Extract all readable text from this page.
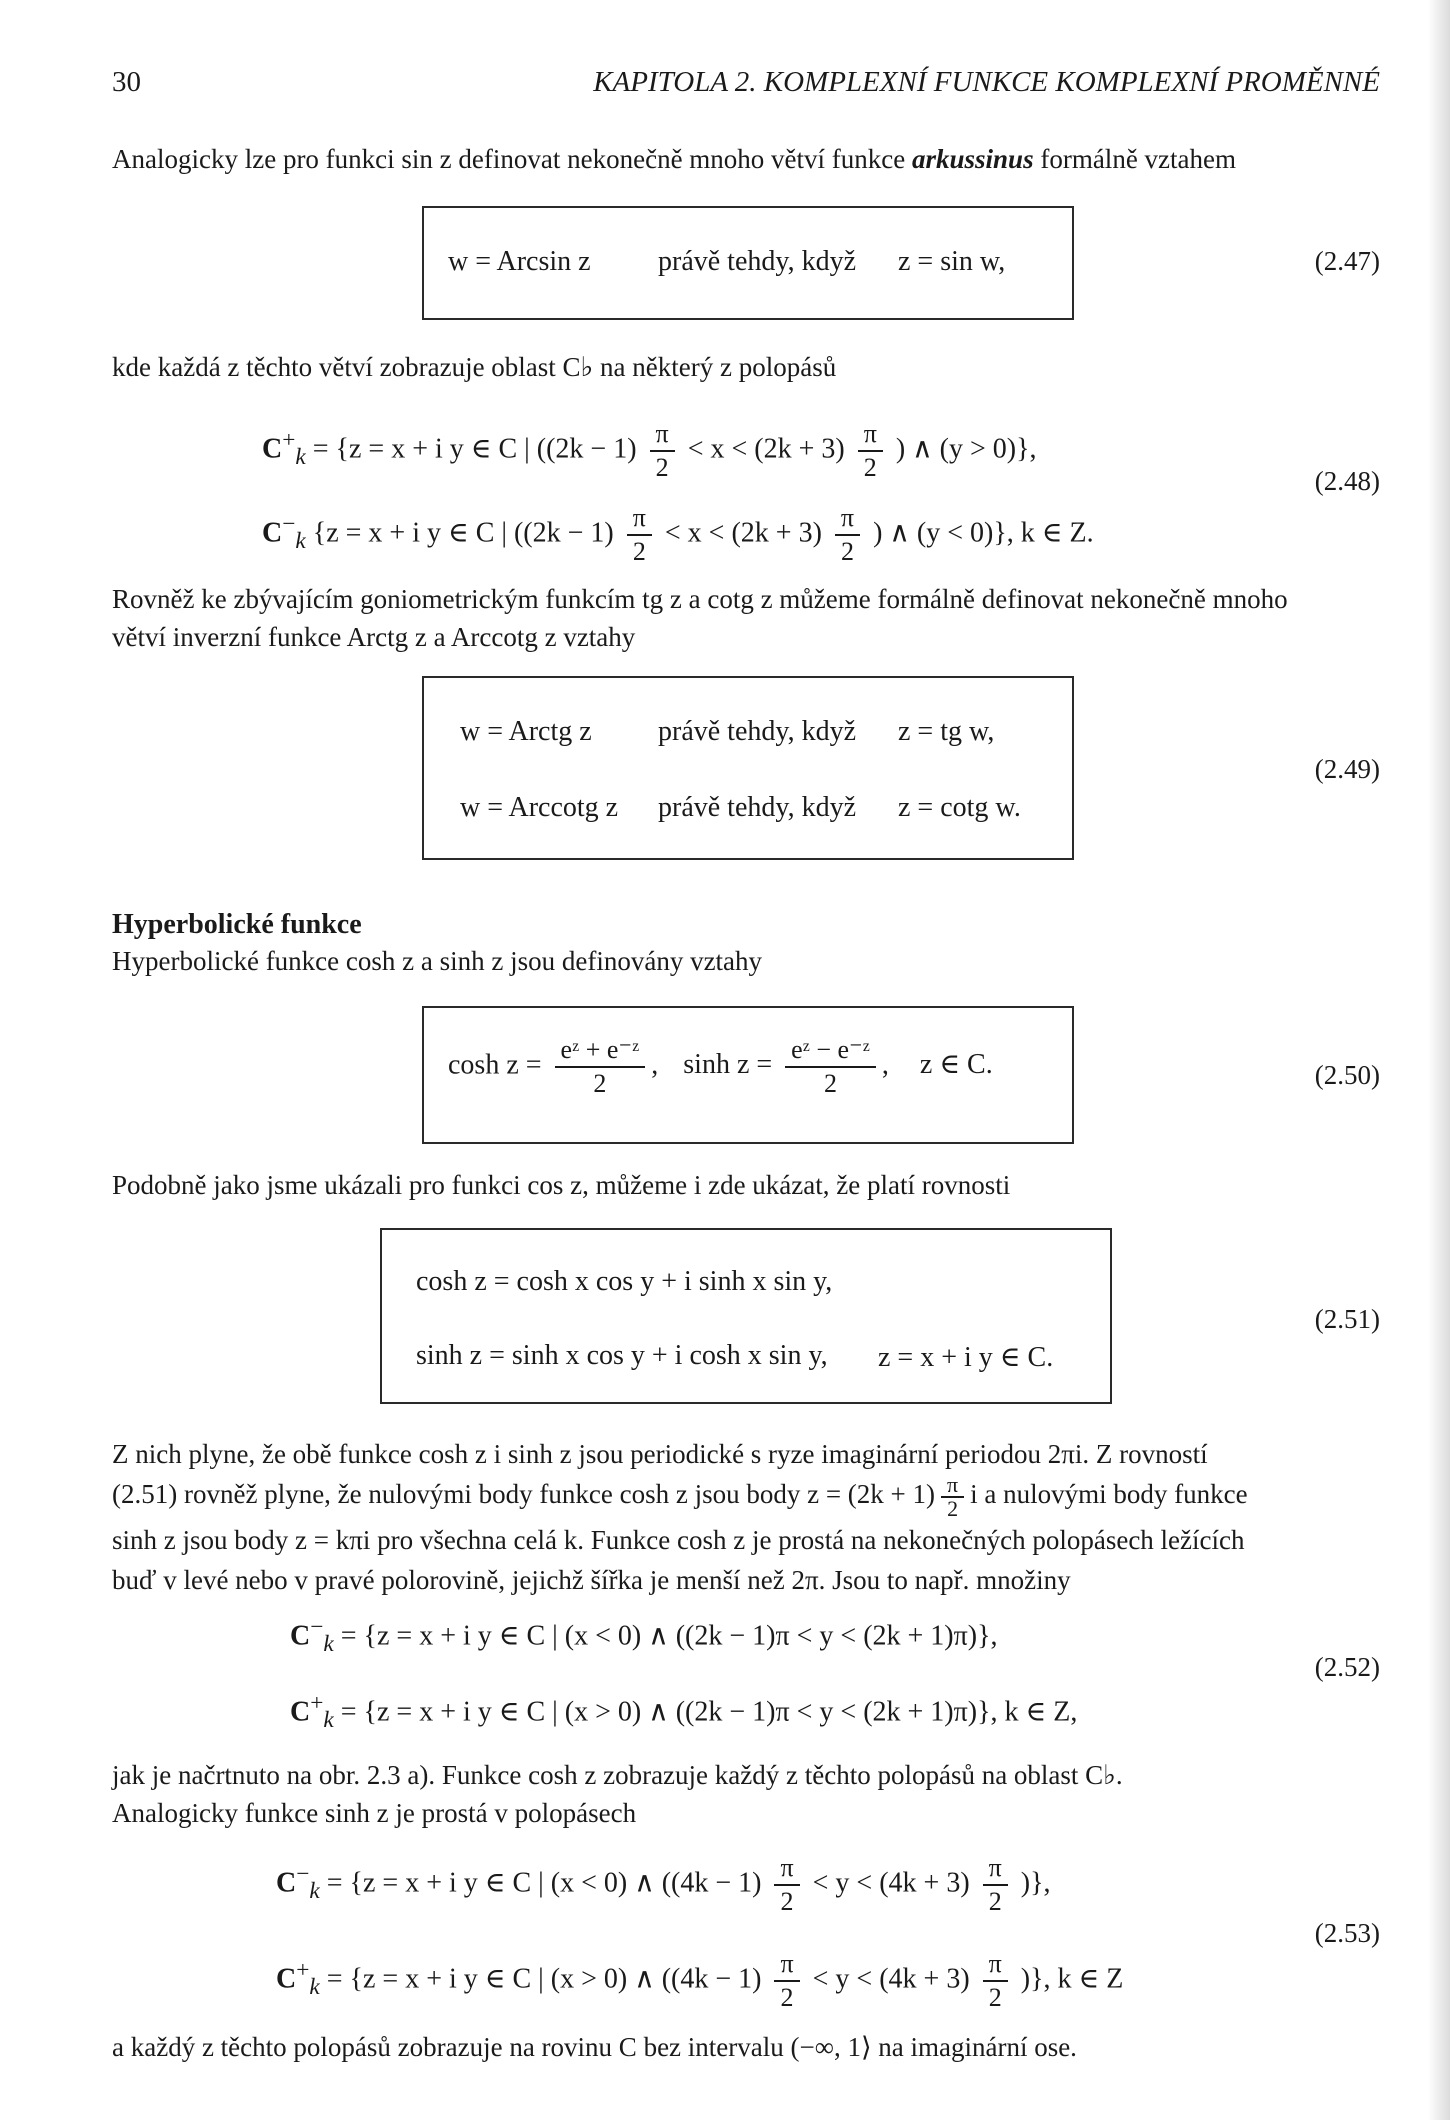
30	KAPITOLA 2. KOMPLEXNÍ FUNKCE KOMPLEXNÍ PROMĚNNÉ
Analogicky lze pro funkci sin z definovat nekonečně mnoho větví funkce arkussinus formálně vztahem
w = Arcsin z právě tehdy, když z = sin w,	(2.47)
kde každá z těchto větví zobrazuje oblast C♭ na některý z polopásů
$C^+_k = \{z = x + i$ y ∈ C | ($(2k - 1) \frac{\pi}{2} < x < (2k + 3) \frac{\pi}{2}$ ) ∧ (y > 0)},
$C^-_k$ {z = x + i y ∈ C | ($(2k - 1) \frac{\pi}{2} < x < (2k + 3) \frac{\pi}{2}$ ) ∧ (y < 0)}, k ∈ Z.
(2.48)
Rovněž ke zbývajícím goniometrickým funkcím tg z a cotg z můžeme formálně definovat nekonečně mnoho
větví inverzní funkce Arctg z a Arccotg z vztahy
w = Arctg z právě tehdy, když z = tg w,
w = Arccotg z právě tehdy, když z = cotg w.
(2.49)
Hyperbolické funkce
Hyperbolické funkce cosh z a sinh z jsou definovány vztahy
$\cosh z = \frac{\text{eᶻ + e⁻ᶻ}}{2}$ , $\sinh z = \frac{\text{eᶻ − e⁻ᶻ}}{2}$ , z ∈ C.	(2.50)
Podobně jako jsme ukázali pro funkci cos z, můžeme i zde ukázat, že platí rovnosti
cosh z = cosh x cos y + i sinh x sin y,
sinh z = sinh x cos y + i cosh x sin y, z = x + i y ∈ C.
(2.51)
Z nich plyne, že obě funkce cosh z i sinh z jsou periodické s ryze imaginární periodou 2πi. Z rovností
(2.51) rovněž plyne, že nulovými body funkce cosh z jsou body $z = (2k + 1) \frac{\pi}{2}$ i a nulovými body funkce
sinh z jsou body z = kπi pro všechna celá k. Funkce cosh z je prostá na nekonečných polopásech ležících
buď v levé nebo v pravé polorovině, jejichž šířka je menší než 2π. Jsou to např. množiny
$C^-_k = \{z = x + i$ y ∈ C | (x < 0) ∧ ((2k − 1)π < y < (2k + 1)π)},
$C^+_k = \{z = x + i$ y ∈ C | (x > 0) ∧ ((2k − 1)π < y < (2k + 1)π)}, k ∈ Z,
(2.52)
jak je načrtnuto na obr. 2.3 a). Funkce cosh z zobrazuje každý z těchto polopásů na oblast C♭.
Analogicky funkce sinh z je prostá v polopásech
$C^-_k = \{z = x + i$ y ∈ C | (x < 0) ∧ ($(4k - 1) \frac{\pi}{2} < y < (4k + 3) \frac{\pi}{2}$ )},
$C^+_k = \{z = x + i$ y ∈ C | (x > 0) ∧ ($(4k - 1) \frac{\pi}{2} < y < (4k + 3) \frac{\pi}{2}$ )}, k ∈ Z
(2.53)
a každý z těchto polopásů zobrazuje na rovinu C bez intervalu (−∞, 1⟩ na imaginární ose.
